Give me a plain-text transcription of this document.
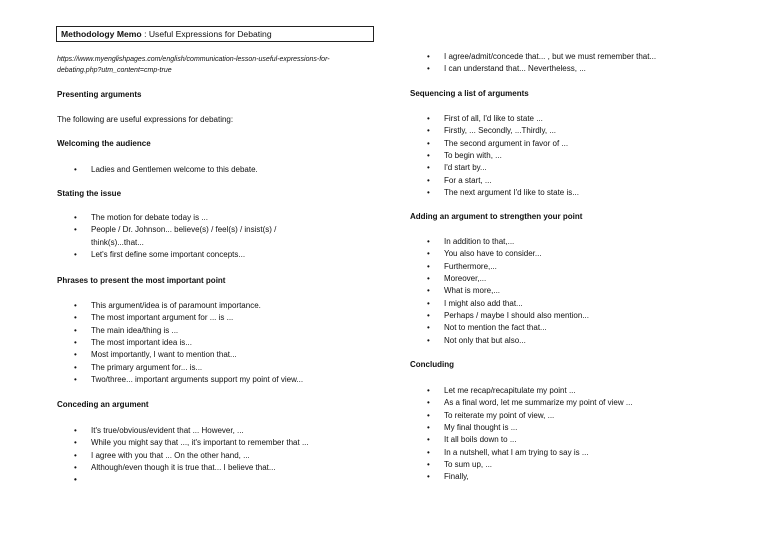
Methodology Memo : Useful Expressions for Debating
https://www.myenglishpages.com/english/communication-lesson-useful-expressions-for-debating.php?utm_content=cmp-true
Presenting arguments
The following are useful expressions for debating:
Welcoming the audience
• Ladies and Gentlemen welcome to this debate.
Stating the issue
• The motion for debate today is ...
• People / Dr. Johnson... believe(s) / feel(s) / insist(s) / think(s)...that...
• Let's first define some important concepts...
Phrases to present the most important point
• This argument/idea is of paramount importance.
• The most important argument for ... is ...
• The main idea/thing is ...
• The most important idea is...
• Most importantly, I want to mention that...
• The primary argument for... is...
• Two/three... important arguments support my point of view...
Conceding an argument
• It's true/obvious/evident that ... However, ...
• While you might say that ..., it's important to remember that ...
• I agree with you that ... On the other hand, ...
• Although/even though it is true that... I believe that...
• I agree/admit/concede that... , but we must remember that...
• I can understand that... Nevertheless, ...
Sequencing a list of arguments
• First of all, I'd like to state ...
• Firstly, ... Secondly, ...Thirdly, ...
• The second argument in favor of ...
• To begin with, ...
• I'd start by...
• For a start, ...
• The next argument I'd like to state is...
Adding an argument to strengthen your point
• In addition to that,...
• You also have to consider...
• Furthermore,...
• Moreover,...
• What is more,...
• I might also add that...
• Perhaps / maybe I should also mention...
• Not to mention the fact that...
• Not only that but also...
Concluding
• Let me recap/recapitulate my point ...
• As a final word, let me summarize my point of view ...
• To reiterate my point of view, ...
• My final thought is ...
• It all boils down to ...
• In a nutshell, what I am trying to say is ...
• To sum up, ...
• Finally,
